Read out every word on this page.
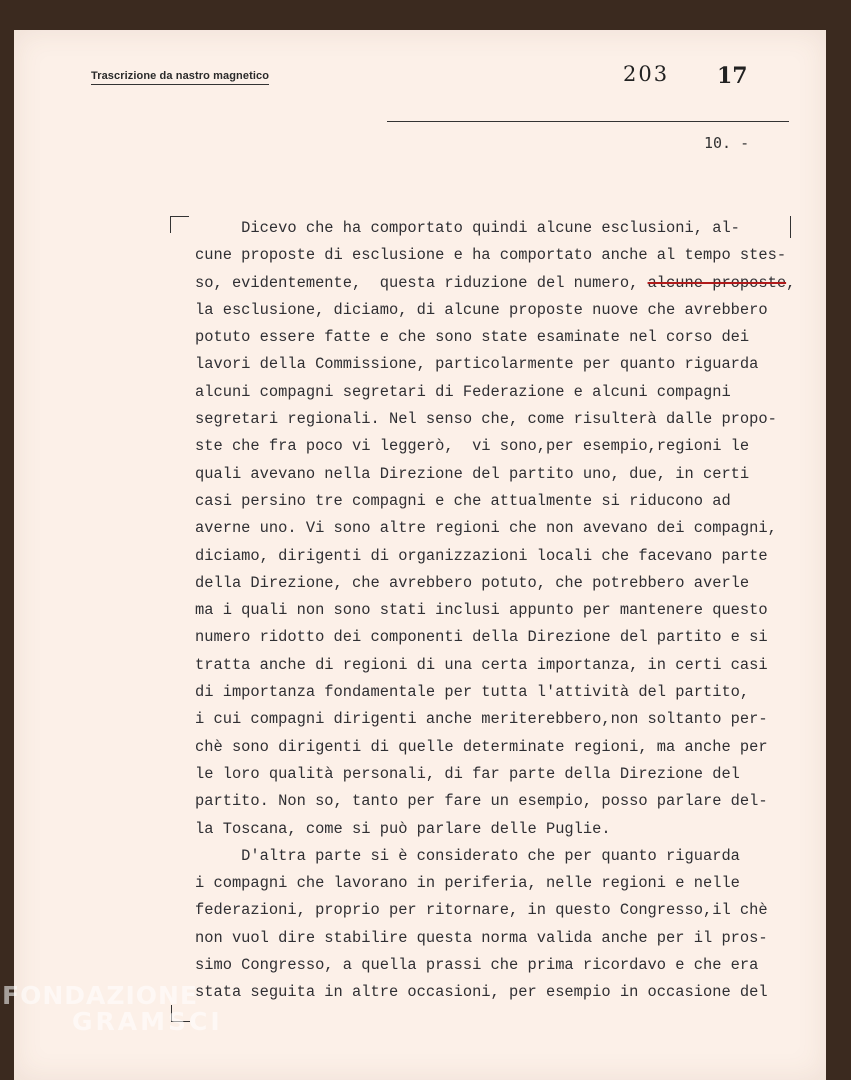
Trascrizione da nastro magnetico	203 17
10. -
Dicevo che ha comportato quindi alcune esclusioni, al-
cune proposte di esclusione e ha comportato anche al tempo stes-
so, evidentemente,  questa riduzione del numero, alcune proposte,
la esclusione, diciamo, di alcune proposte nuove che avrebbero
potuto essere fatte e che sono state esaminate nel corso dei
lavori della Commissione, particolarmente per quanto riguarda
alcuni compagni segretari di Federazione e alcuni compagni
segretari regionali. Nel senso che, come risulterà dalle propo-
ste che fra poco vi leggerò,  vi sono,per esempio,regioni le
quali avevano nella Direzione del partito uno, due, in certi
casi persino tre compagni e che attualmente si riducono ad
averne uno. Vi sono altre regioni che non avevano dei compagni,
diciamo, dirigenti di organizzazioni locali che facevano parte
della Direzione, che avrebbero potuto, che potrebbero averle
ma i quali non sono stati inclusi appunto per mantenere questo
numero ridotto dei componenti della Direzione del partito e si
tratta anche di regioni di una certa importanza, in certi casi
di importanza fondamentale per tutta l'attività del partito,
i cui compagni dirigenti anche meriterebbero,non soltanto per-
chè sono dirigenti di quelle determinate regioni, ma anche per
le loro qualità personali, di far parte della Direzione del
partito. Non so, tanto per fare un esempio, posso parlare del-
la Toscana, come si può parlare delle Puglie.
D'altra parte si è considerato che per quanto riguarda
i compagni che lavorano in periferia, nelle regioni e nelle
federazioni, proprio per ritornare, in questo Congresso,il chè
non vuol dire stabilire questa norma valida anche per il pros-
simo Congresso, a quella prassi che prima ricordavo e che era
stata seguita in altre occasioni, per esempio in occasione del
FONDAZIONE
GRAMSCI
